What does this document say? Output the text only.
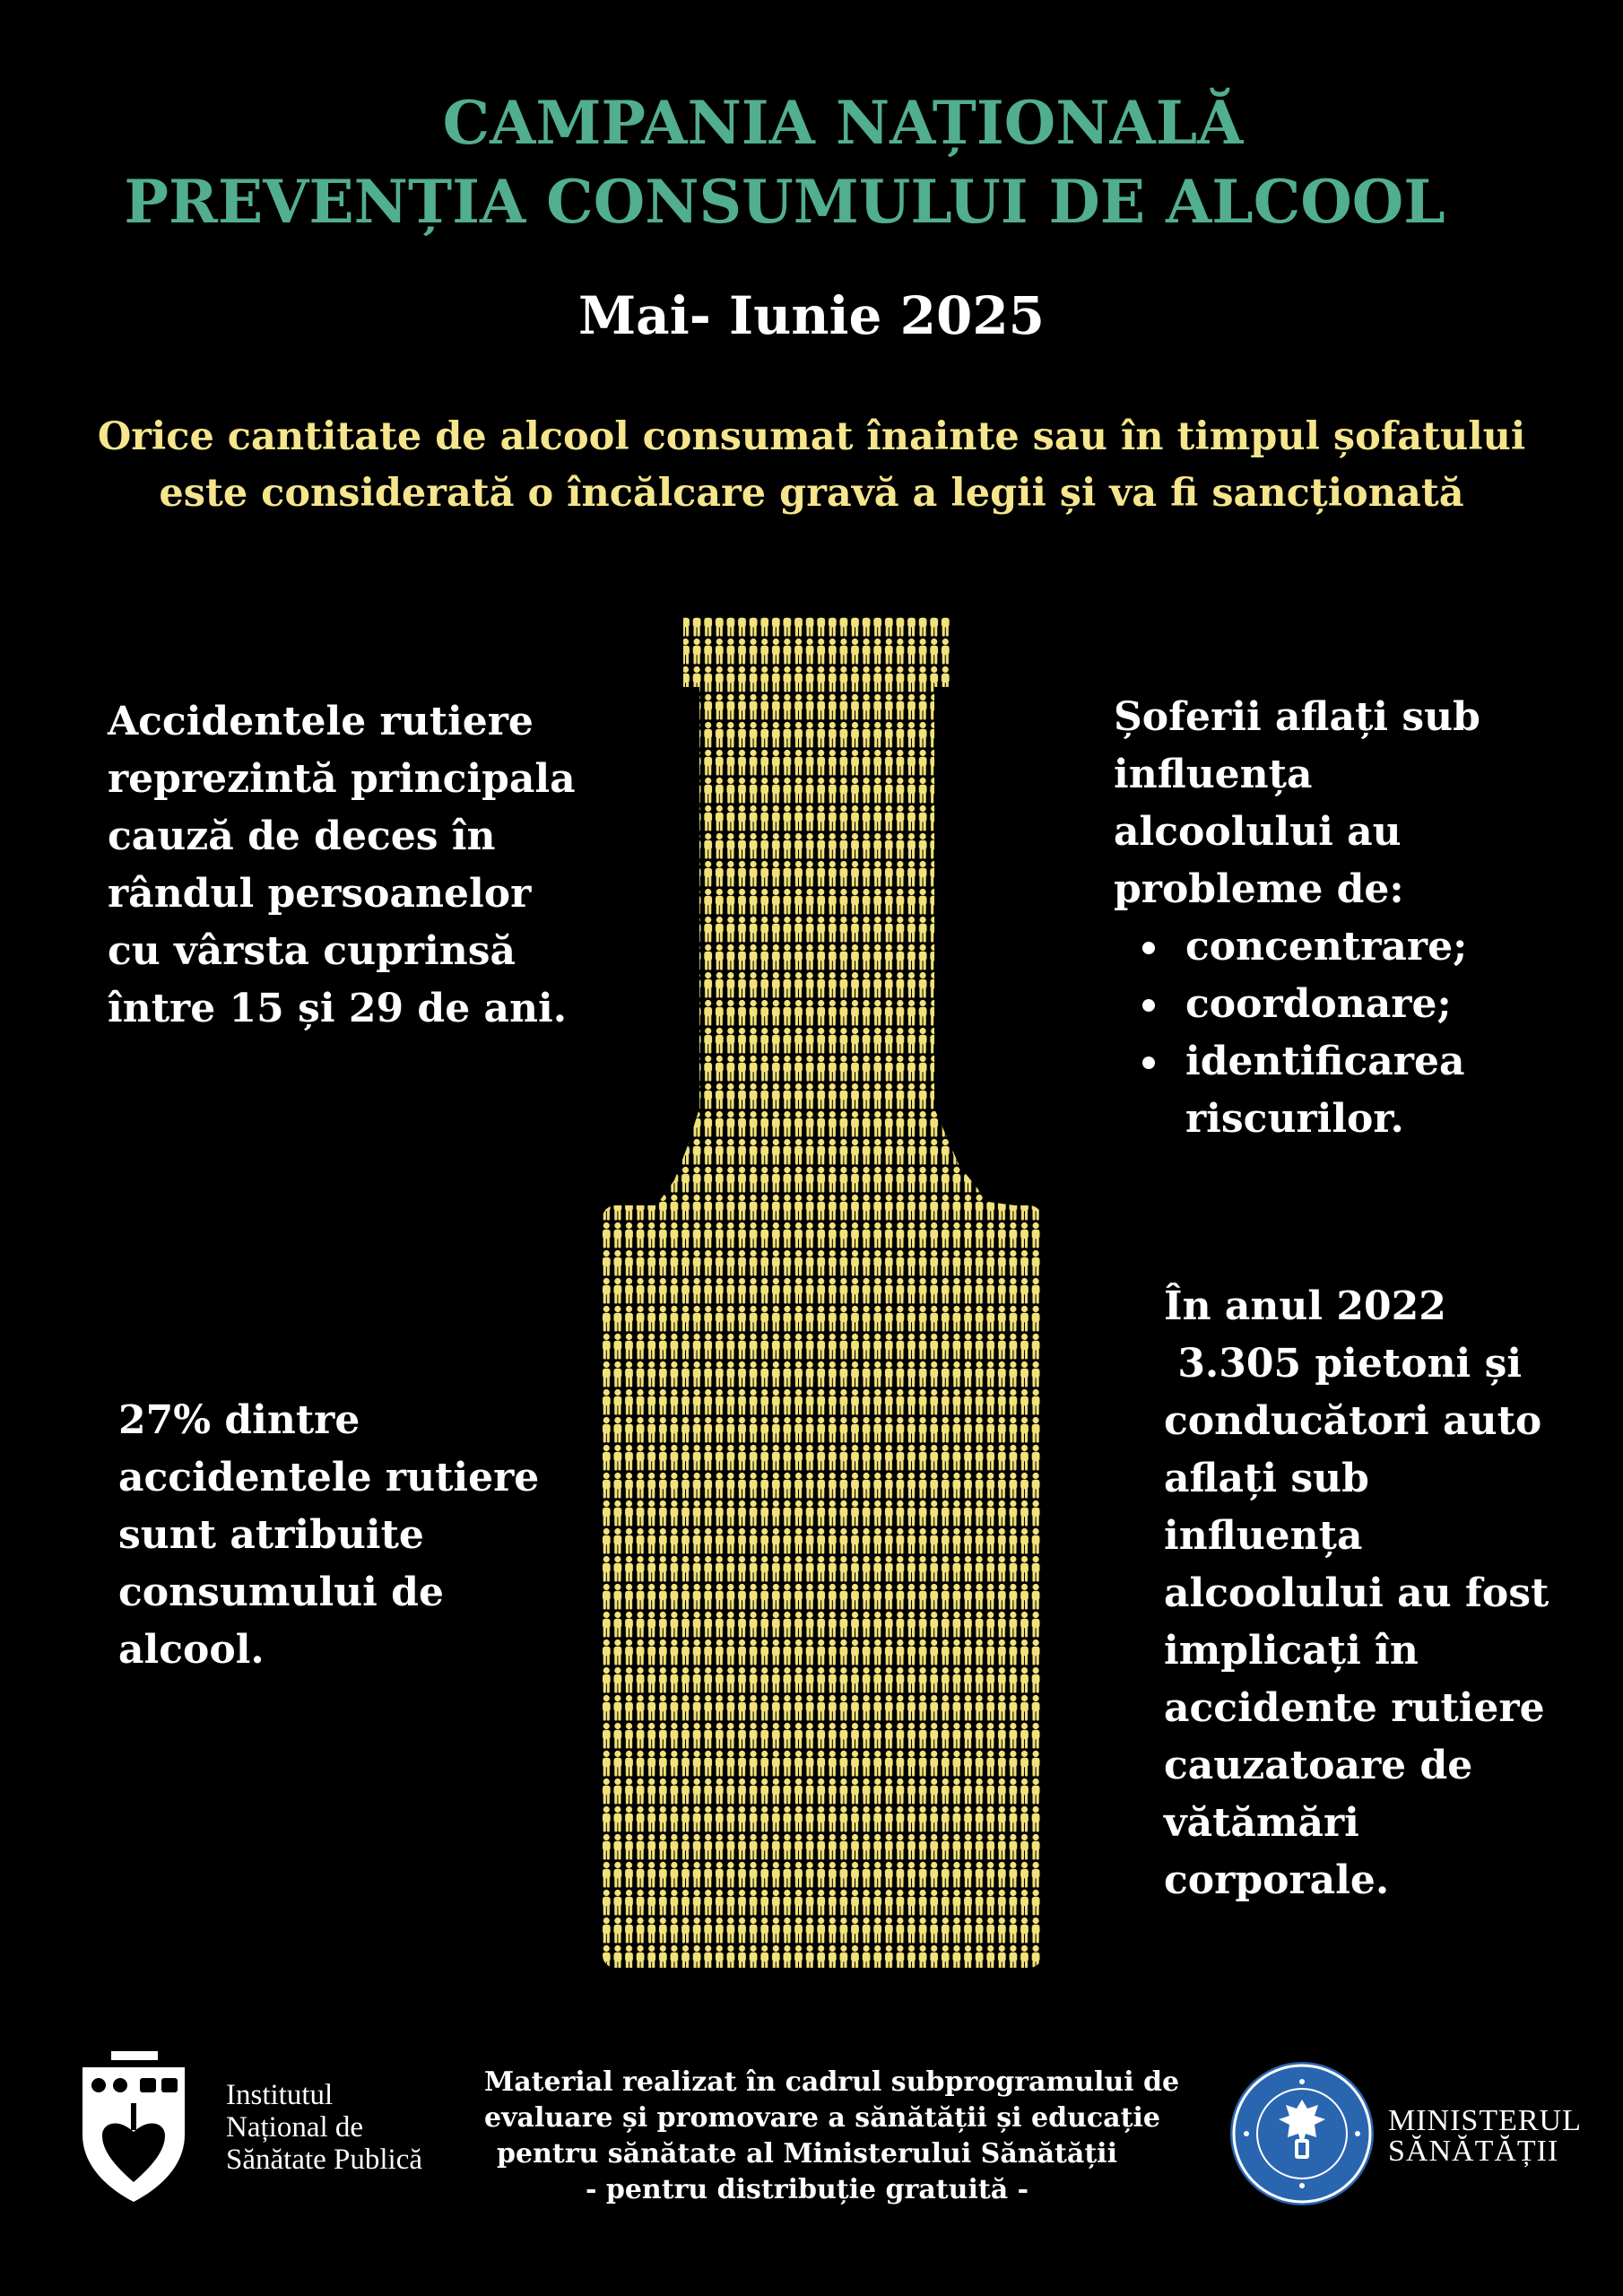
CAMPANIA NAȚIONALĂ
PREVENȚIA CONSUMULUI DE ALCOOL
Mai- Iunie 2025
Orice cantitate de alcool consumat înainte sau în timpul șofatului
este considerată o încălcare gravă a legii și va fi sancționată
Accidentele rutiere
reprezintă principala
cauză de deces în
rândul persoanelor
cu vârsta cuprinsă
între 15 și 29 de ani.
27% dintre
accidentele rutiere
sunt atribuite
consumului de
alcool.
Șoferii aflați sub
influența
alcoolului au
probleme de:
concentrare;
coordonare;
identificarea
riscurilor.
În anul 2022
3.305 pietoni și
conducători auto
aflați sub
influența
alcoolului au fost
implicați în
accidente rutiere
cauzatoare de
vătămări
corporale.
Institutul
Național de
Sănătate Publică
Material realizat în cadrul subprogramului de
evaluare și promovare a sănătății și educație
pentru sănătate al Ministerului Sănătății
- pentru distribuție gratuită -
MINISTERUL
SĂNĂTĂȚII
